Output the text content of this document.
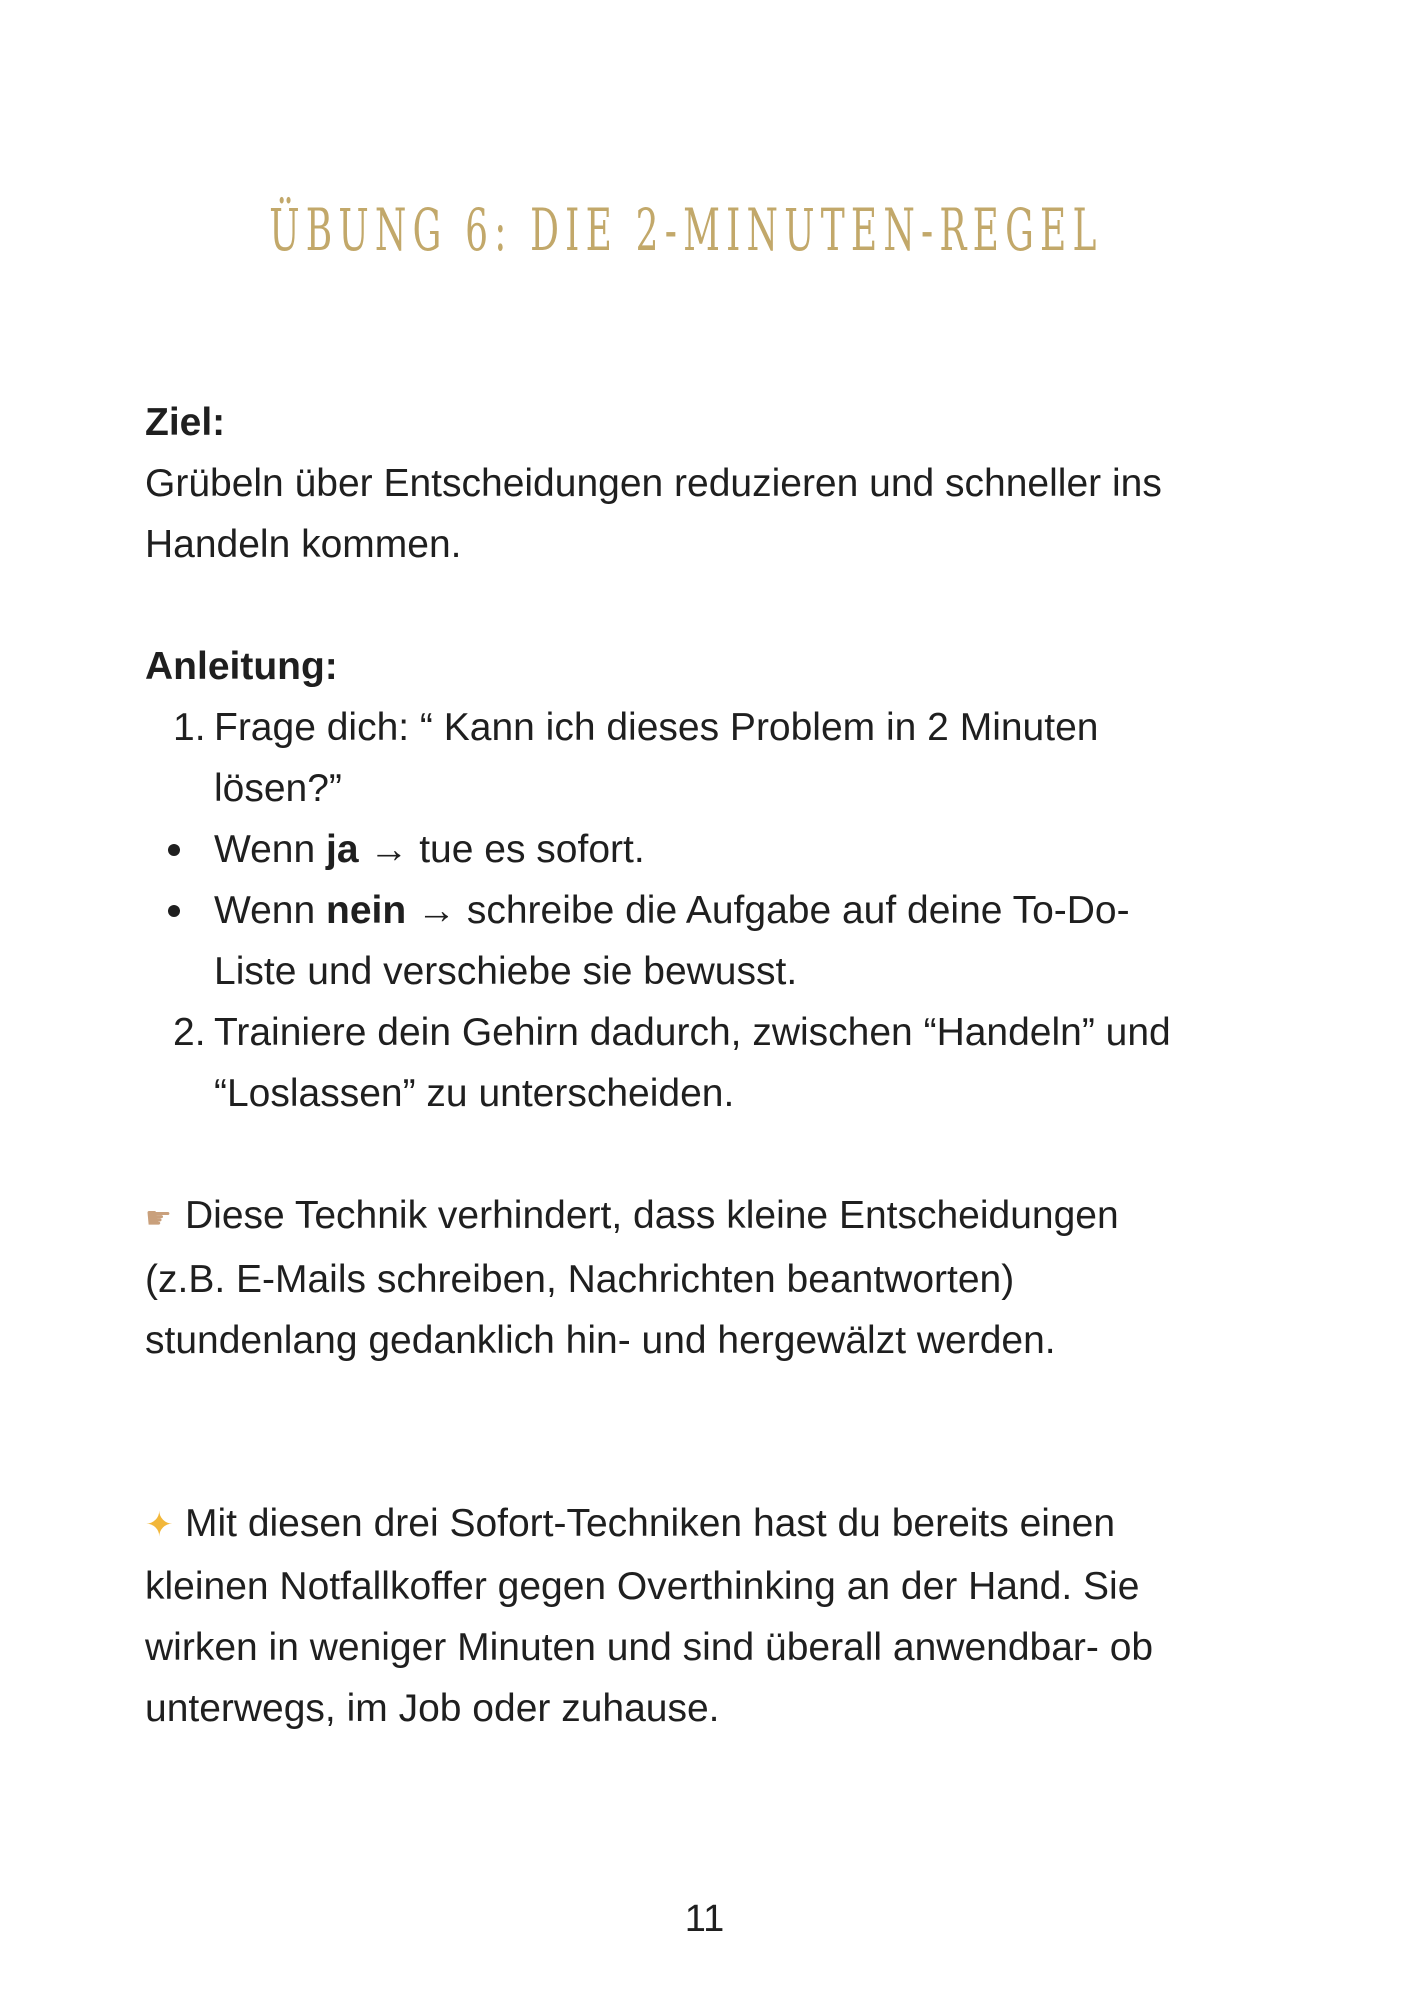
ÜBUNG 6: DIE 2-MINUTEN-REGEL
Ziel:
Grübeln über Entscheidungen reduzieren und schneller ins
Handeln kommen.
Anleitung:
1. Frage dich: “ Kann ich dieses Problem in 2 Minuten
lösen?”
Wenn ja → tue es sofort.
Wenn nein → schreibe die Aufgabe auf deine To-Do-
Liste und verschiebe sie bewusst.
2. Trainiere dein Gehirn dadurch, zwischen “Handeln” und
“Loslassen” zu unterscheiden.
☛ Diese Technik verhindert, dass kleine Entscheidungen
(z.B. E-Mails schreiben, Nachrichten beantworten)
stundenlang gedanklich hin- und hergewälzt werden.
✦ Mit diesen drei Sofort-Techniken hast du bereits einen
kleinen Notfallkoffer gegen Overthinking an der Hand. Sie
wirken in weniger Minuten und sind überall anwendbar- ob
unterwegs, im Job oder zuhause.
11
